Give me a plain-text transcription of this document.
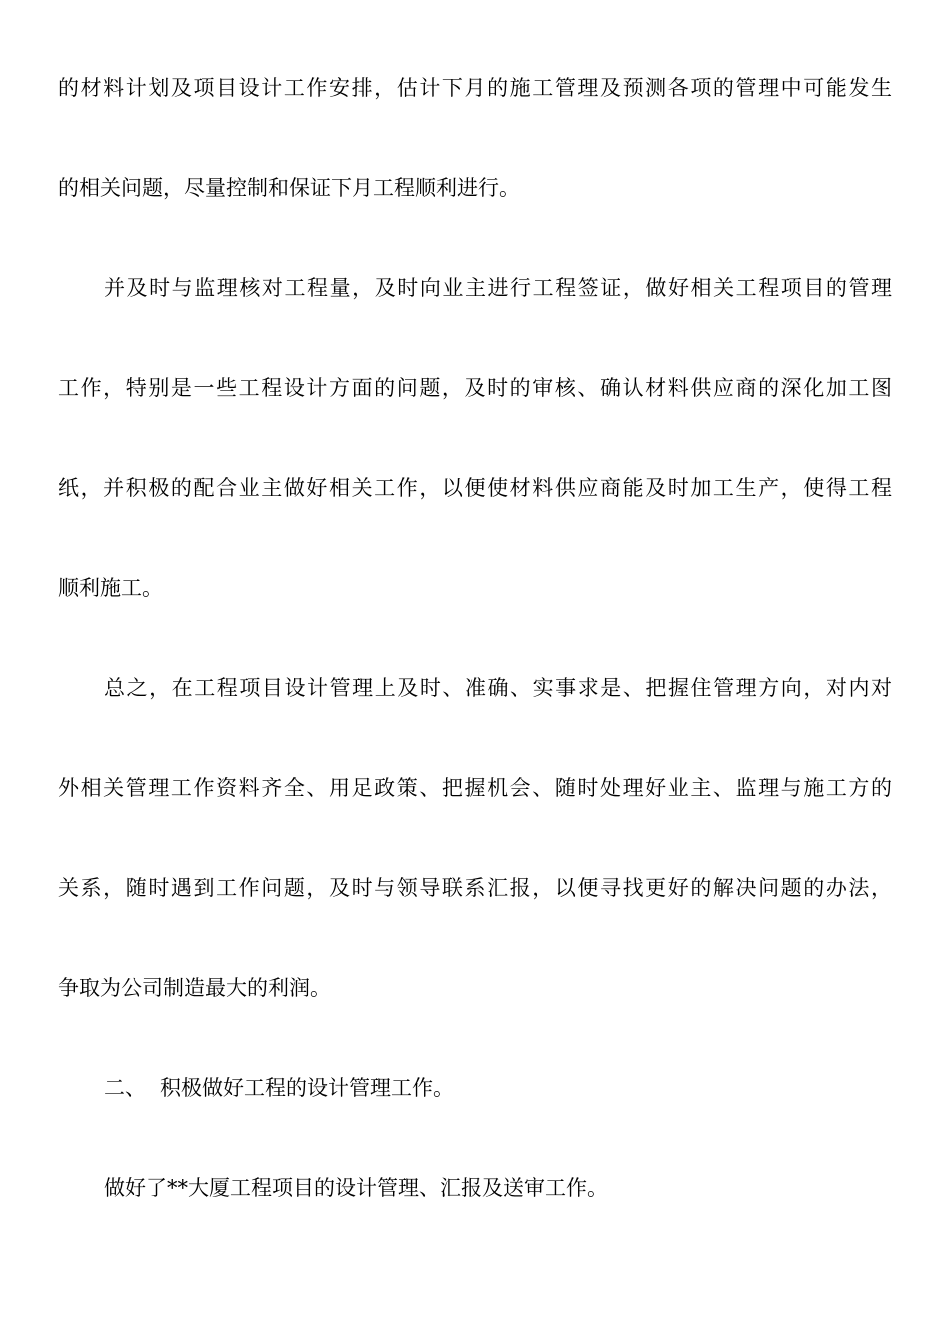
的材料计划及项目设计工作安排，估计下月的施工管理及预测各项的管理中可能发生
的相关问题，尽量控制和保证下月工程顺利进行。
并及时与监理核对工程量，及时向业主进行工程签证，做好相关工程项目的管理
工作，特别是一些工程设计方面的问题，及时的审核、确认材料供应商的深化加工图
纸，并积极的配合业主做好相关工作，以便使材料供应商能及时加工生产，使得工程
顺利施工。
总之，在工程项目设计管理上及时、准确、实事求是、把握住管理方向，对内对
外相关管理工作资料齐全、用足政策、把握机会、随时处理好业主、监理与施工方的
关系，随时遇到工作问题，及时与领导联系汇报，以便寻找更好的解决问题的办法，
争取为公司制造最大的利润。
二、 积极做好工程的设计管理工作。
做好了**大厦工程项目的设计管理、汇报及送审工作。
